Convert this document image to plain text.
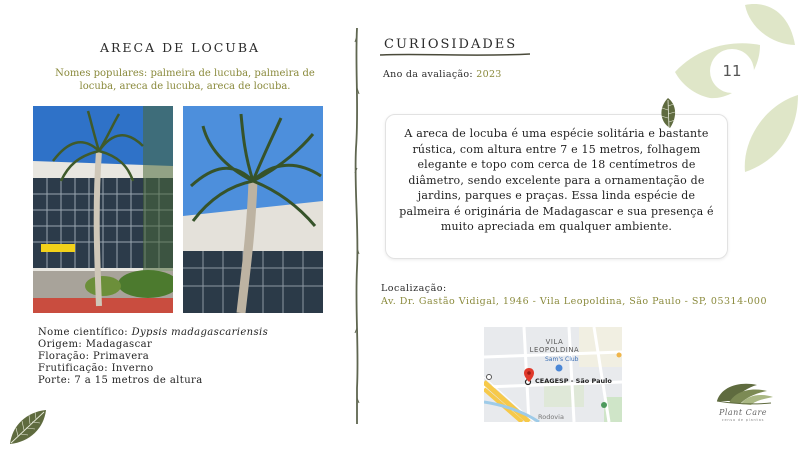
ARECA DE LOCUBA
Nomes populares: palmeira de lucuba, palmeira de locuba, areca de lucuba, areca de locuba.
Nome científico: Dypsis madagascariensis
Origem: Madagascar
Floração: Primavera
Frutificação: Inverno
Porte: 7 a 15 metros de altura
CURIOSIDADES
Ano da avaliação: 2023
A areca de locuba é uma espécie solitária e bastante rústica, com altura entre 7 e 15 metros, folhagem elegante e topo com cerca de 18 centímetros de diâmetro, sendo excelente para a ornamentação de jardins, parques e praças. Essa linda espécie de palmeira é originária de Madagascar e sua presença é muito apreciada em qualquer ambiente.
Localização:
Av. Dr. Gastão Vidigal, 1946 - Vila Leopoldina, São Paulo - SP, 05314-000
VILA LEOPOLDINA
Sam's Club
CEAGESP - São Paulo
Rodovia
11
Plant Care
censo de plantas
